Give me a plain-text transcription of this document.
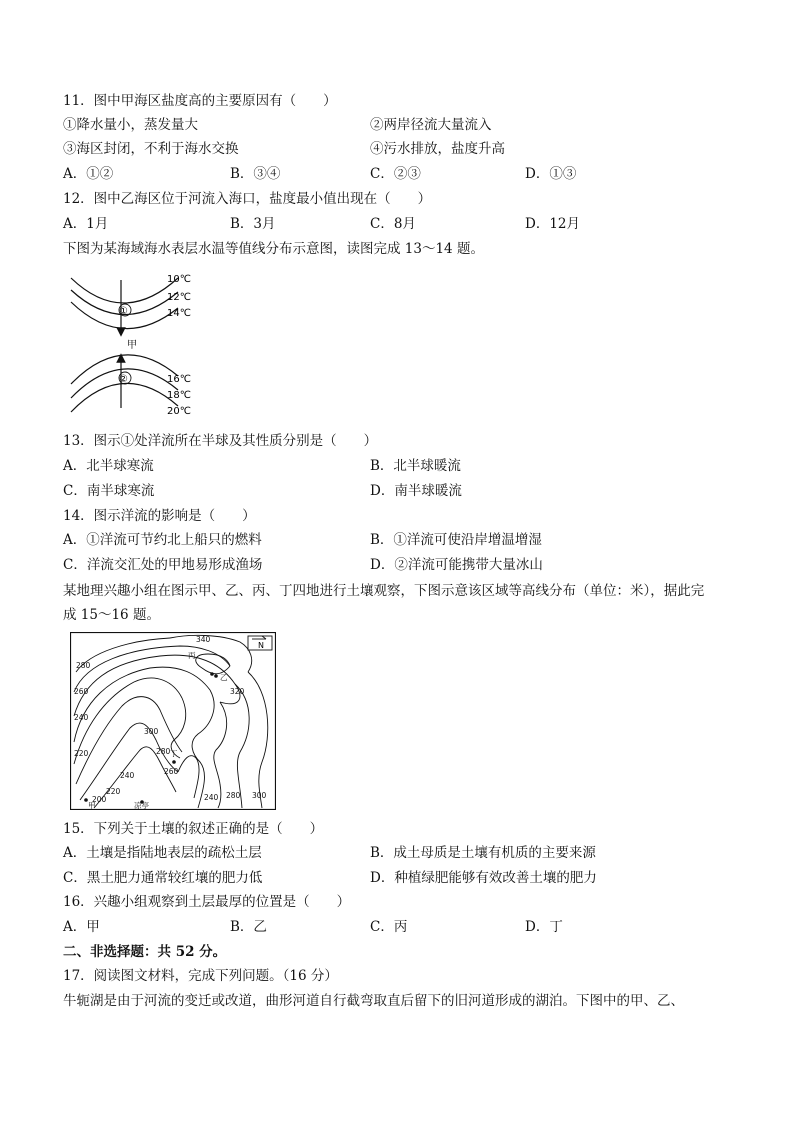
11．图中甲海区盐度高的主要原因有（　　）
①降水量小，蒸发量大	②两岸径流大量流入
③海区封闭，不利于海水交换	④污水排放，盐度升高
A．①②	B．③④	C．②③	D．①③
12．图中乙海区位于河流入海口，盐度最小值出现在（　　）
A．1月	B．3月	C．8月	D．12月
下图为某海域海水表层水温等值线分布示意图，读图完成 13～14 题。
10℃
12℃
14℃
16℃
18℃
20℃
①
②
甲
13．图示①处洋流所在半球及其性质分别是（　　）
A．北半球寒流	B．北半球暖流
C．南半球寒流	D．南半球暖流
14．图示洋流的影响是（　　）
A．①洋流可节约北上船只的燃料	B．①洋流可使沿岸增温增湿
C．洋流交汇处的甲地易形成渔场	D．②洋流可能携带大量冰山
某地理兴趣小组在图示甲、乙、丙、丁四地进行土壤观察，下图示意该区域等高线分布（单位：米），据此完
成 15～16 题。
N
340
320
280
260
240
220
300
280
260
240
220
200	240 280 300
丙
乙
丁
甲	凉亭
15．下列关于土壤的叙述正确的是（　　）
A．土壤是指陆地表层的疏松土层	B．成土母质是土壤有机质的主要来源
C．黑土肥力通常较红壤的肥力低	D．种植绿肥能够有效改善土壤的肥力
16．兴趣小组观察到土层最厚的位置是（　　）
A．甲	B．乙	C．丙	D．丁
二、非选择题：共 52 分。
17．阅读图文材料，完成下列问题。（16 分）
牛轭湖是由于河流的变迁或改道，曲形河道自行截弯取直后留下的旧河道形成的湖泊。下图中的甲、乙、
